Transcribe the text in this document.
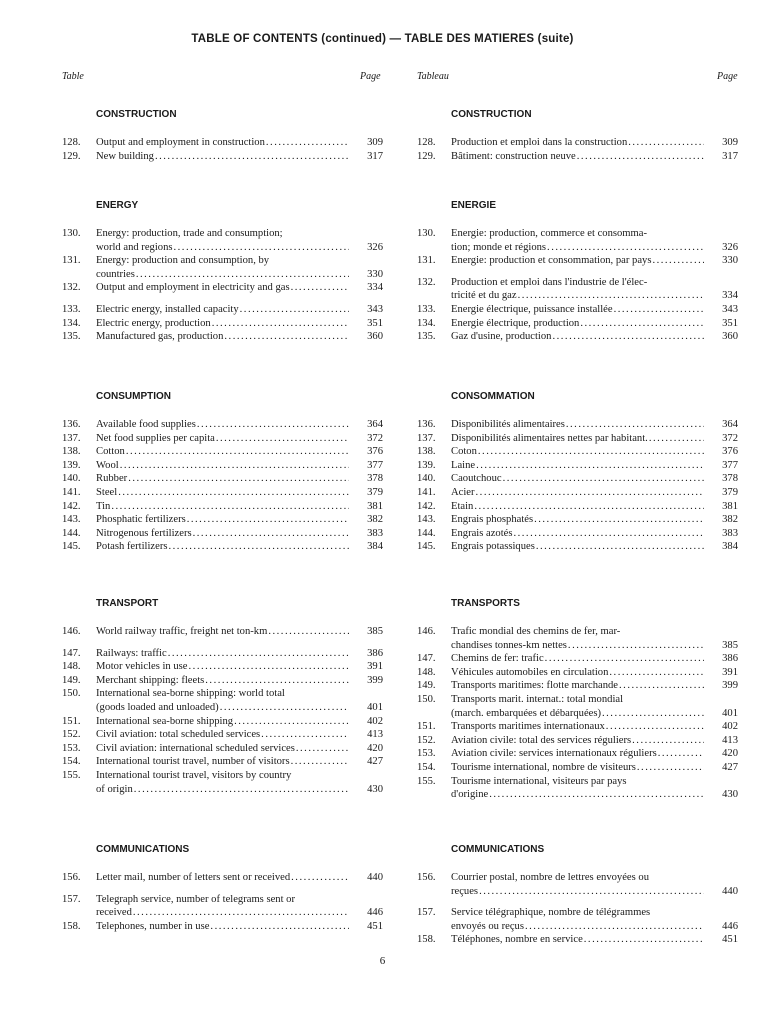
TABLE OF CONTENTS (continued) — TABLE DES MATIERES (suite)
Table	Page	Tableau	Page
CONSTRUCTION
128.	Output and employment in construction .....	309
129.	New building .....	317
ENERGY
130.	Energy: production, trade and consumption;
world and regions .....	326
131.	Energy: production and consumption, by
countries .....	330
132.	Output and employment in electricity and gas .....	334
133.	Electric energy, installed capacity .....	343
134.	Electric energy, production .....	351
135.	Manufactured gas, production .....	360
CONSUMPTION
136.	Available food supplies .....	364
137.	Net food supplies per capita .....	372
138.	Cotton .....	376
139.	Wool .....	377
140.	Rubber .....	378
141.	Steel .....	379
142.	Tin .....	381
143.	Phosphatic fertilizers .....	382
144.	Nitrogenous fertilizers .....	383
145.	Potash fertilizers .....	384
TRANSPORT
146.	World railway traffic, freight net ton-km .....	385
147.	Railways: traffic .....	386
148.	Motor vehicles in use .....	391
149.	Merchant shipping: fleets .....	399
150.	International sea-borne shipping: world total
(goods loaded and unloaded) .....	401
151.	International sea-borne shipping .....	402
152.	Civil aviation: total scheduled services .....	413
153.	Civil aviation: international scheduled services .....	420
154.	International tourist travel, number of visitors .....	427
155.	International tourist travel, visitors by country
of origin .....	430
COMMUNICATIONS
156.	Letter mail, number of letters sent or received .....	440
157.	Telegraph service, number of telegrams sent or
received .....	446
158.	Telephones, number in use .....	451
CONSTRUCTION
128.	Production et emploi dans la construction .....	309
129.	Bâtiment: construction neuve .....	317
ENERGIE
130.	Energie: production, commerce et consomma-
tion; monde et régions .....	326
131.	Energie: production et consommation, par pays .....	330
132.	Production et emploi dans l'industrie de l'élec-
tricité et du gaz .....	334
133.	Energie électrique, puissance installée .....	343
134.	Energie électrique, production .....	351
135.	Gaz d'usine, production .....	360
CONSOMMATION
136.	Disponibilités alimentaires .....	364
137.	Disponibilités alimentaires nettes par habitant. .....	372
138.	Coton .....	376
139.	Laine .....	377
140.	Caoutchouc .....	378
141.	Acier .....	379
142.	Etain .....	381
143.	Engrais phosphatés .....	382
144.	Engrais azotés .....	383
145.	Engrais potassiques .....	384
TRANSPORTS
146.	Trafic mondial des chemins de fer, mar-
chandises tonnes-km nettes .....	385
147.	Chemins de fer: trafic .....	386
148.	Véhicules automobiles en circulation .....	391
149.	Transports maritimes: flotte marchande .....	399
150.	Transports marit. internat.: total mondial
(march. embarquées et débarquées) .....	401
151.	Transports maritimes internationaux .....	402
152.	Aviation civile: total des services réguliers .....	413
153.	Aviation civile: services internationaux réguliers .....	420
154.	Tourisme international, nombre de visiteurs .....	427
155.	Tourisme international, visiteurs par pays
d'origine .....	430
COMMUNICATIONS
156.	Courrier postal, nombre de lettres envoyées ou
reçues .....	440
157.	Service télégraphique, nombre de télégrammes
envoyés ou reçus .....	446
158.	Téléphones, nombre en service .....	451
6
